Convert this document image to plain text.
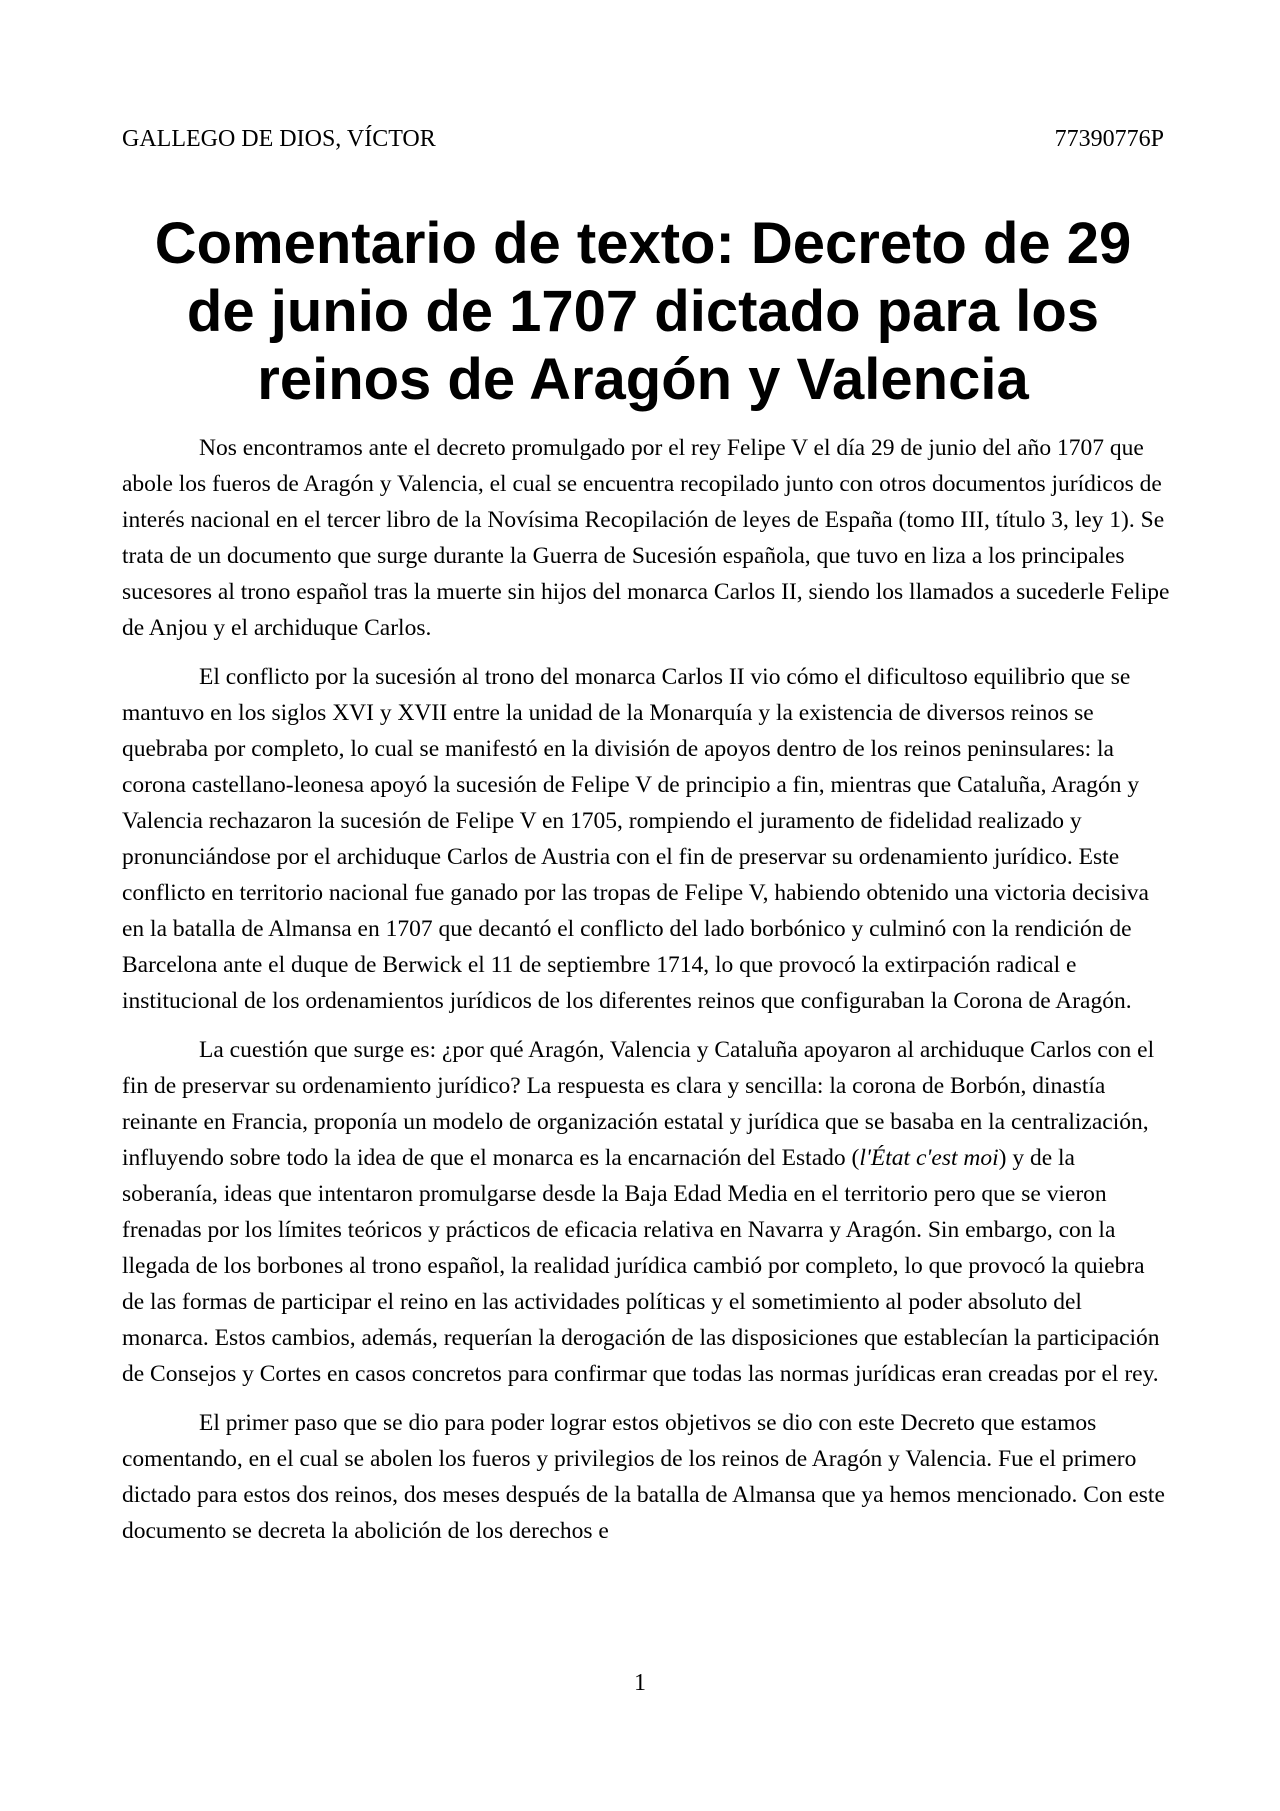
GALLEGO DE DIOS, VÍCTOR	77390776P
Comentario de texto: Decreto de 29 de junio de 1707 dictado para los reinos de Aragón y Valencia

Nos encontramos ante el decreto promulgado por el rey Felipe V el día 29 de junio del año 1707 que abole los fueros de Aragón y Valencia, el cual se encuentra recopilado junto con otros documentos jurídicos de interés nacional en el tercer libro de la Novísima Recopilación de leyes de España (tomo III, título 3, ley 1). Se trata de un documento que surge durante la Guerra de Sucesión española, que tuvo en liza a los principales sucesores al trono español tras la muerte sin hijos del monarca Carlos II, siendo los llamados a sucederle Felipe de Anjou y el archiduque Carlos.

El conflicto por la sucesión al trono del monarca Carlos II vio cómo el dificultoso equilibrio que se mantuvo en los siglos XVI y XVII entre la unidad de la Monarquía y la existencia de diversos reinos se quebraba por completo, lo cual se manifestó en la división de apoyos dentro de los reinos peninsulares: la corona castellano-leonesa apoyó la sucesión de Felipe V de principio a fin, mientras que Cataluña, Aragón y Valencia rechazaron la sucesión de Felipe V en 1705, rompiendo el juramento de fidelidad realizado y pronunciándose por el archiduque Carlos de Austria con el fin de preservar su ordenamiento jurídico. Este conflicto en territorio nacional fue ganado por las tropas de Felipe V, habiendo obtenido una victoria decisiva en la batalla de Almansa en 1707 que decantó el conflicto del lado borbónico y culminó con la rendición de Barcelona ante el duque de Berwick el 11 de septiembre 1714, lo que provocó la extirpación radical e institucional de los ordenamientos jurídicos de los diferentes reinos que configuraban la Corona de Aragón.

La cuestión que surge es: ¿por qué Aragón, Valencia y Cataluña apoyaron al archiduque Carlos con el fin de preservar su ordenamiento jurídico? La respuesta es clara y sencilla: la corona de Borbón, dinastía reinante en Francia, proponía un modelo de organización estatal y jurídica que se basaba en la centralización, influyendo sobre todo la idea de que el monarca es la encarnación del Estado (l'État c'est moi) y de la soberanía, ideas que intentaron promulgarse desde la Baja Edad Media en el territorio pero que se vieron frenadas por los límites teóricos y prácticos de eficacia relativa en Navarra y Aragón. Sin embargo, con la llegada de los borbones al trono español, la realidad jurídica cambió por completo, lo que provocó la quiebra de las formas de participar el reino en las actividades políticas y el sometimiento al poder absoluto del monarca. Estos cambios, además, requerían la derogación de las disposiciones que establecían la participación de Consejos y Cortes en casos concretos para confirmar que todas las normas jurídicas eran creadas por el rey.

El primer paso que se dio para poder lograr estos objetivos se dio con este Decreto que estamos comentando, en el cual se abolen los fueros y privilegios de los reinos de Aragón y Valencia. Fue el primero dictado para estos dos reinos, dos meses después de la batalla de Almansa que ya hemos mencionado. Con este documento se decreta la abolición de los derechos e

1
